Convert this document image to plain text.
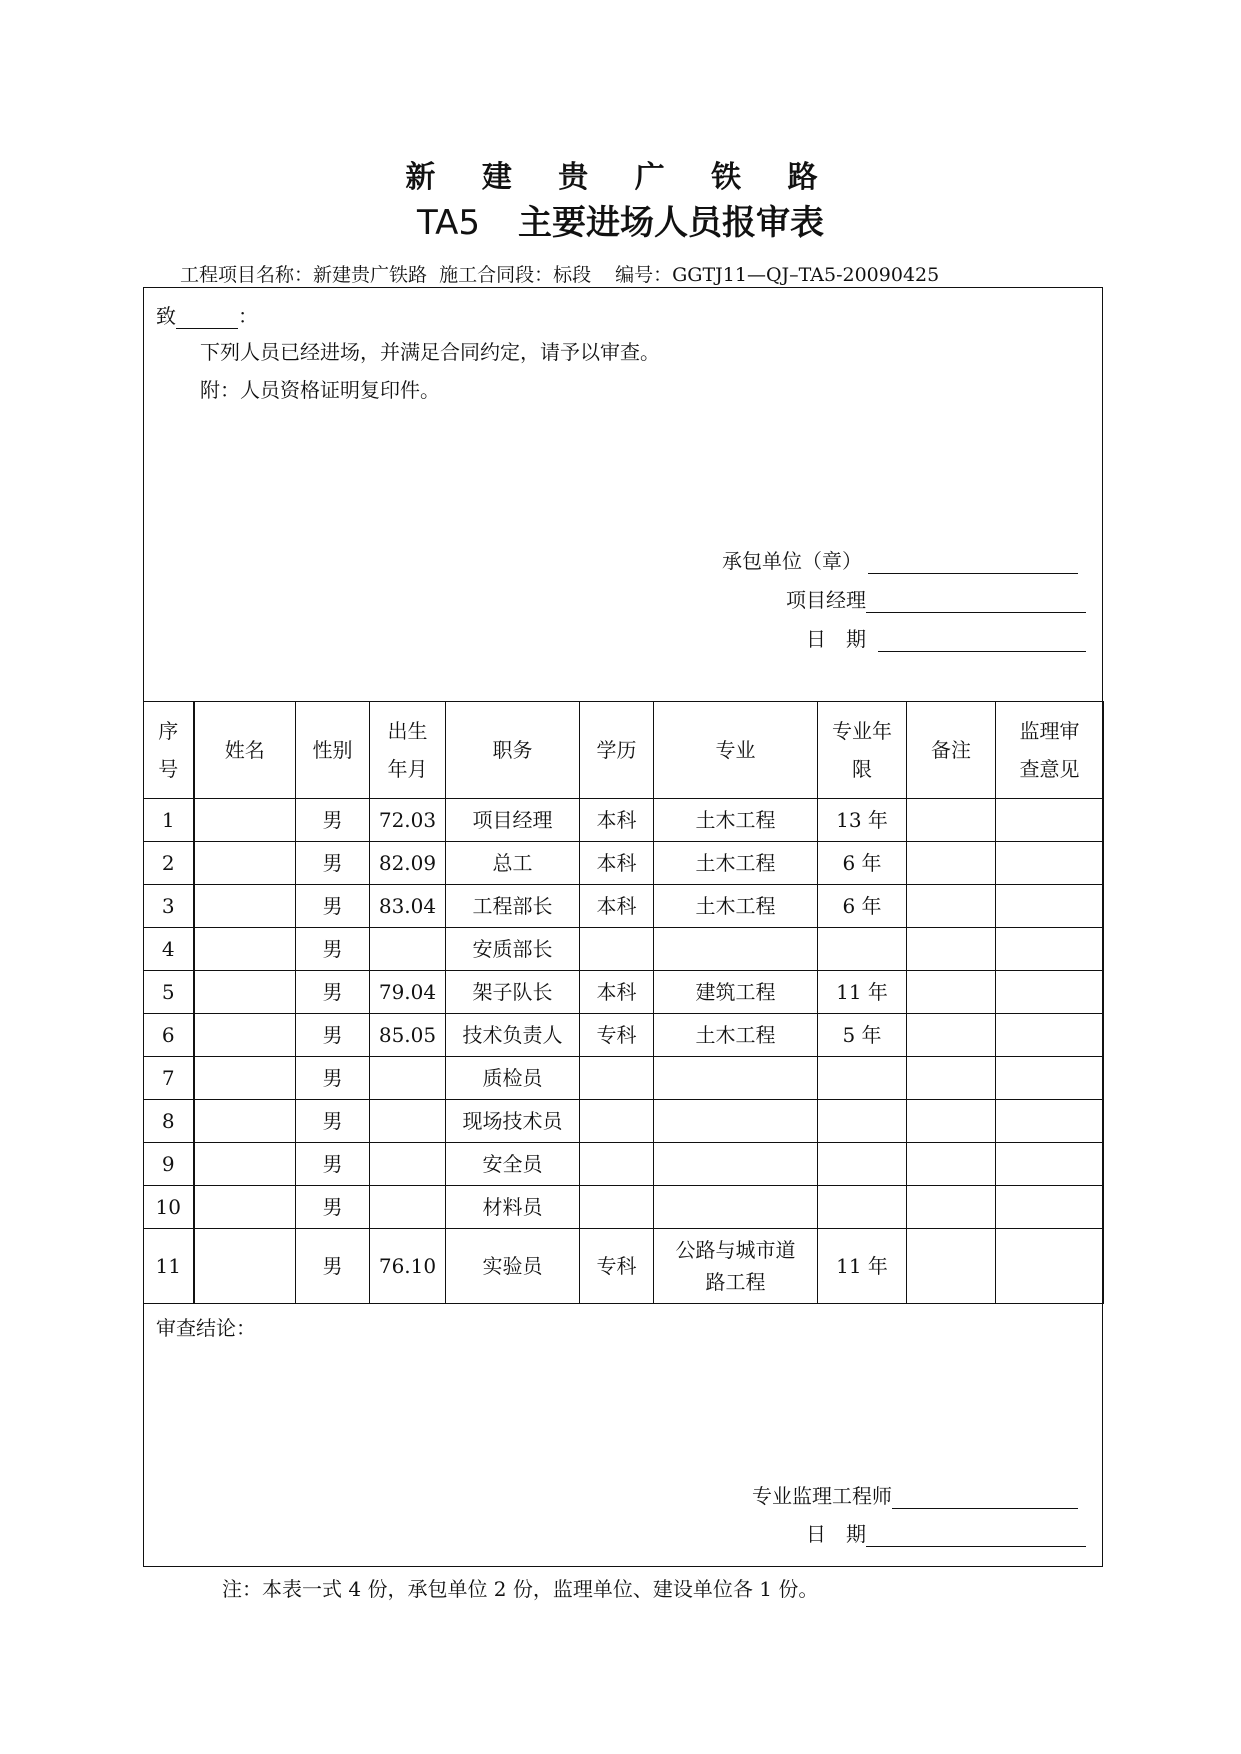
新 建 贵 广 铁 路
TA5 主要进场人员报审表
工程项目名称：新建贵广铁路 施工合同段：标段 编号：GGTJ11—QJ–TA5-20090425
致	：
下列人员已经进场，并满足合同约定，请予以审查。
附：人员资格证明复印件。
承包单位（章）
项目经理
日　期
序号	姓名	性别	出生年月	职务	学历	专业	专业年限	备注	监理审查意见

1		男	72.03	项目经理	本科	土木工程	13 年		
2		男	82.09	总工	本科	土木工程	6 年		
3		男	83.04	工程部长	本科	土木工程	6 年		
4		男		安质部长					
5		男	79.04	架子队长	本科	建筑工程	11 年		
6		男	85.05	技术负责人	专科	土木工程	5 年		
7		男		质检员					
8		男		现场技术员					
9		男		安全员					
10		男		材料员					
11		男	76.10	实验员	专科	公路与城市道路工程	11 年		
审查结论：
专业监理工程师
日　期
注：本表一式 4 份，承包单位 2 份，监理单位、建设单位各 1 份。
